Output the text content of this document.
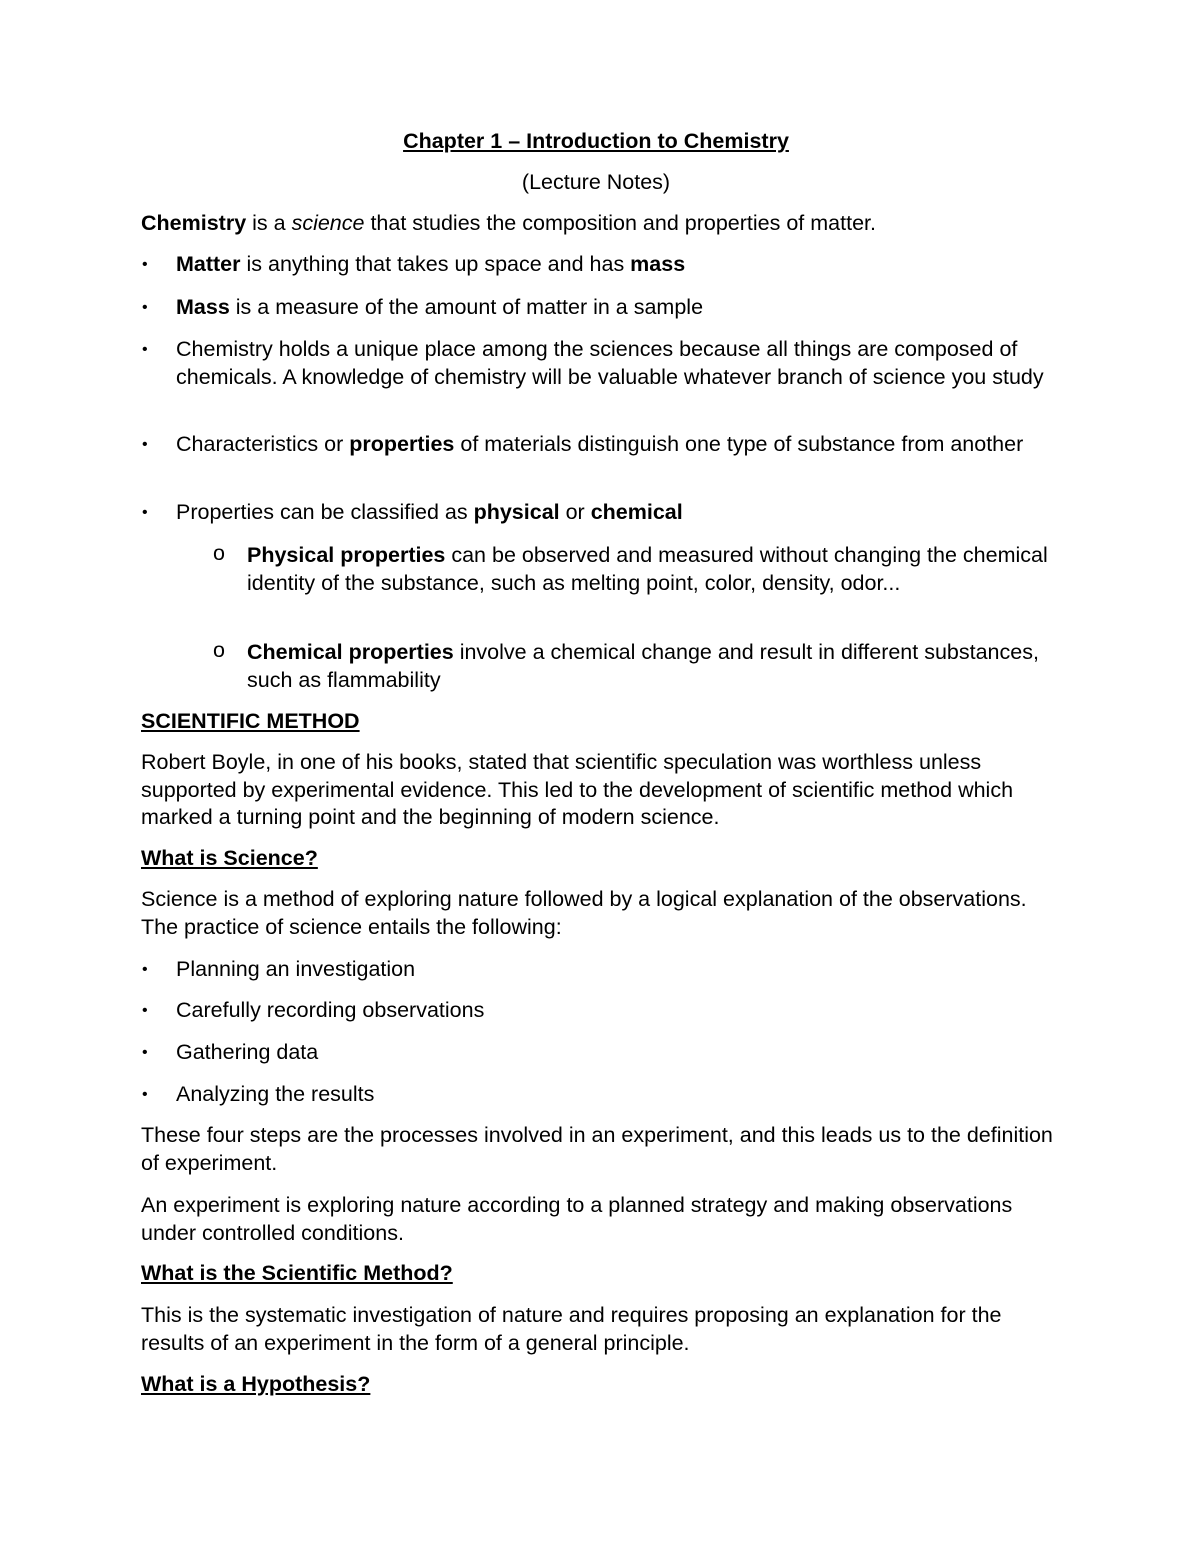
Chapter 1 – Introduction to Chemistry

(Lecture Notes)

Chemistry is a science that studies the composition and properties of matter.

• Matter is anything that takes up space and has mass
• Mass is a measure of the amount of matter in a sample
• Chemistry holds a unique place among the sciences because all things are composed of chemicals. A knowledge of chemistry will be valuable whatever branch of science you study
• Characteristics or properties of materials distinguish one type of substance from another
• Properties can be classified as physical or chemical
o Physical properties can be observed and measured without changing the chemical identity of the substance, such as melting point, color, density, odor...
o Chemical properties involve a chemical change and result in different substances, such as flammability

SCIENTIFIC METHOD

Robert Boyle, in one of his books, stated that scientific speculation was worthless unless supported by experimental evidence. This led to the development of scientific method which marked a turning point and the beginning of modern science.

What is Science?

Science is a method of exploring nature followed by a logical explanation of the observations. The practice of science entails the following:

• Planning an investigation
• Carefully recording observations
• Gathering data
• Analyzing the results

These four steps are the processes involved in an experiment, and this leads us to the definition of experiment.

An experiment is exploring nature according to a planned strategy and making observations under controlled conditions.

What is the Scientific Method?

This is the systematic investigation of nature and requires proposing an explanation for the results of an experiment in the form of a general principle.

What is a Hypothesis?
